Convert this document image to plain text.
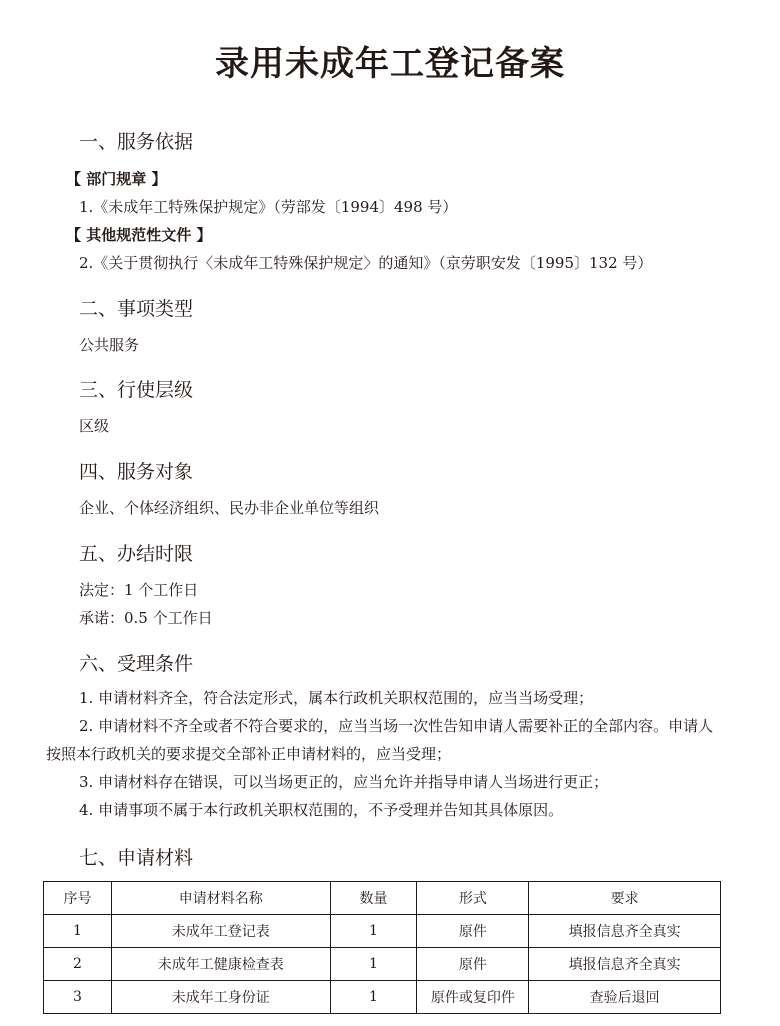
录用未成年工登记备案
一、服务依据
【 部门规章 】
1.《未成年工特殊保护规定》（劳部发〔1994〕498 号）
【 其他规范性文件 】
2.《关于贯彻执行〈未成年工特殊保护规定〉的通知》（京劳职安发〔1995〕132 号）
二、事项类型
公共服务
三、行使层级
区级
四、服务对象
企业、个体经济组织、民办非企业单位等组织
五、办结时限
法定：1 个工作日
承诺：0.5 个工作日
六、受理条件
1. 申请材料齐全，符合法定形式，属本行政机关职权范围的，应当当场受理；
2. 申请材料不齐全或者不符合要求的，应当当场一次性告知申请人需要补正的全部内容。申请人按照本行政机关的要求提交全部补正申请材料的，应当受理；
3. 申请材料存在错误，可以当场更正的，应当允许并指导申请人当场进行更正；
4. 申请事项不属于本行政机关职权范围的，不予受理并告知其具体原因。
七、申请材料
序号	申请材料名称	数量	形式	要求
1	未成年工登记表	1	原件	填报信息齐全真实
2	未成年工健康检查表	1	原件	填报信息齐全真实
3	未成年工身份证	1	原件或复印件	查验后退回
